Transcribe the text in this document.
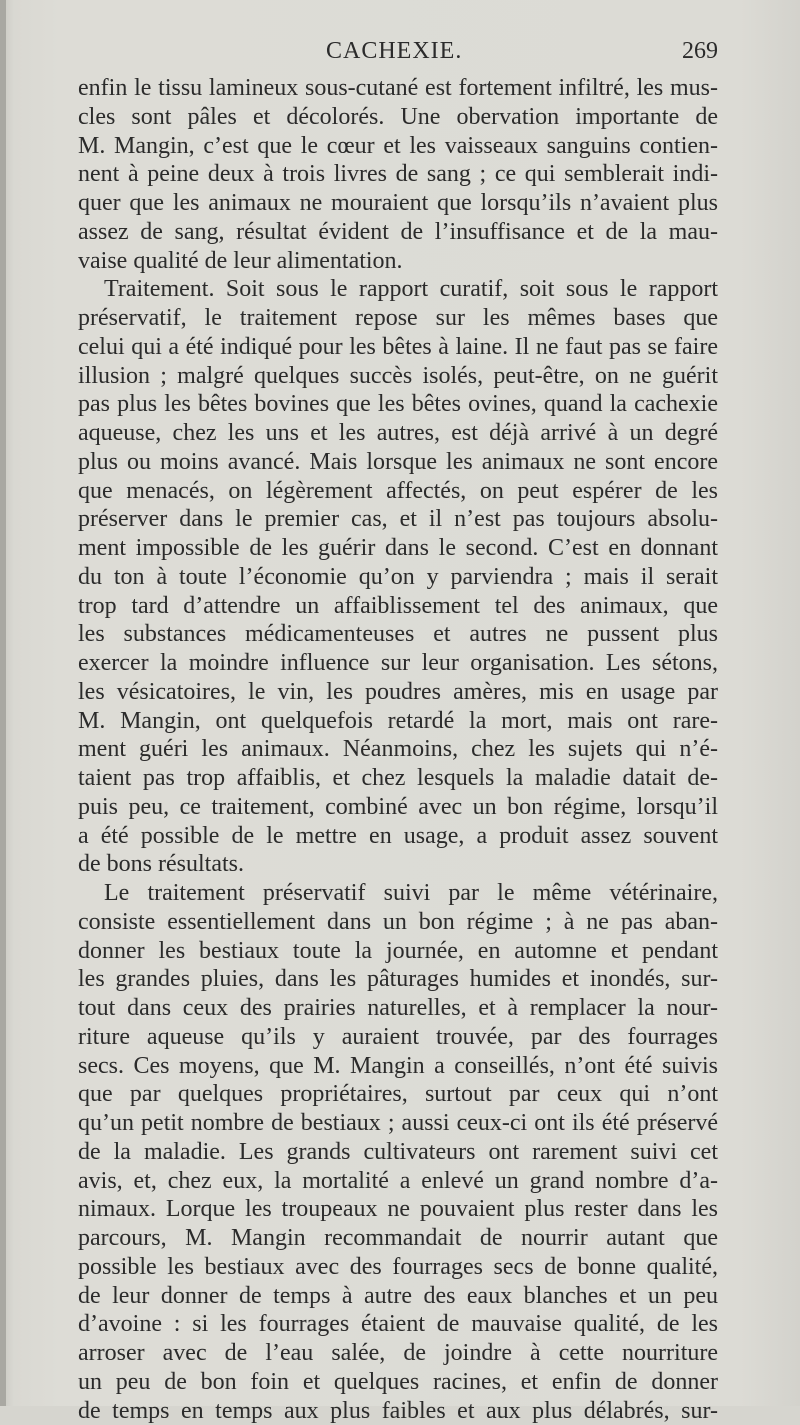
CACHEXIE.	269
enfin le tissu lamineux sous-cutané est fortement infiltré, les mus-
cles sont pâles et décolorés. Une obervation importante de
M. Mangin, c’est que le cœur et les vaisseaux sanguins contien-
nent à peine deux à trois livres de sang ; ce qui semblerait indi-
quer que les animaux ne mouraient que lorsqu’ils n’avaient plus
assez de sang, résultat évident de l’insuffisance et de la mau-
vaise qualité de leur alimentation.
Traitement. Soit sous le rapport curatif, soit sous le rapport
préservatif, le traitement repose sur les mêmes bases que
celui qui a été indiqué pour les bêtes à laine. Il ne faut pas se faire
illusion ; malgré quelques succès isolés, peut-être, on ne guérit
pas plus les bêtes bovines que les bêtes ovines, quand la cachexie
aqueuse, chez les uns et les autres, est déjà arrivé à un degré
plus ou moins avancé. Mais lorsque les animaux ne sont encore
que menacés, on légèrement affectés, on peut espérer de les
préserver dans le premier cas, et il n’est pas toujours absolu-
ment impossible de les guérir dans le second. C’est en donnant
du ton à toute l’économie qu’on y parviendra ; mais il serait
trop tard d’attendre un affaiblissement tel des animaux, que
les substances médicamenteuses et autres ne pussent plus
exercer la moindre influence sur leur organisation. Les sétons,
les vésicatoires, le vin, les poudres amères, mis en usage par
M. Mangin, ont quelquefois retardé la mort, mais ont rare-
ment guéri les animaux. Néanmoins, chez les sujets qui n’é-
taient pas trop affaiblis, et chez lesquels la maladie datait de-
puis peu, ce traitement, combiné avec un bon régime, lorsqu’il
a été possible de le mettre en usage, a produit assez souvent
de bons résultats.
Le traitement préservatif suivi par le même vétérinaire,
consiste essentiellement dans un bon régime ; à ne pas aban-
donner les bestiaux toute la journée, en automne et pendant
les grandes pluies, dans les pâturages humides et inondés, sur-
tout dans ceux des prairies naturelles, et à remplacer la nour-
riture aqueuse qu’ils y auraient trouvée, par des fourrages
secs. Ces moyens, que M. Mangin a conseillés, n’ont été suivis
que par quelques propriétaires, surtout par ceux qui n’ont
qu’un petit nombre de bestiaux ; aussi ceux-ci ont ils été préservé
de la maladie. Les grands cultivateurs ont rarement suivi cet
avis, et, chez eux, la mortalité a enlevé un grand nombre d’a-
nimaux. Lorque les troupeaux ne pouvaient plus rester dans les
parcours, M. Mangin recommandait de nourrir autant que
possible les bestiaux avec des fourrages secs de bonne qualité,
de leur donner de temps à autre des eaux blanches et un peu
d’avoine : si les fourrages étaient de mauvaise qualité, de les
arroser avec de l’eau salée, de joindre à cette nourriture
un peu de bon foin et quelques racines, et enfin de donner
de temps en temps aux plus faibles et aux plus délabrés, sur-
